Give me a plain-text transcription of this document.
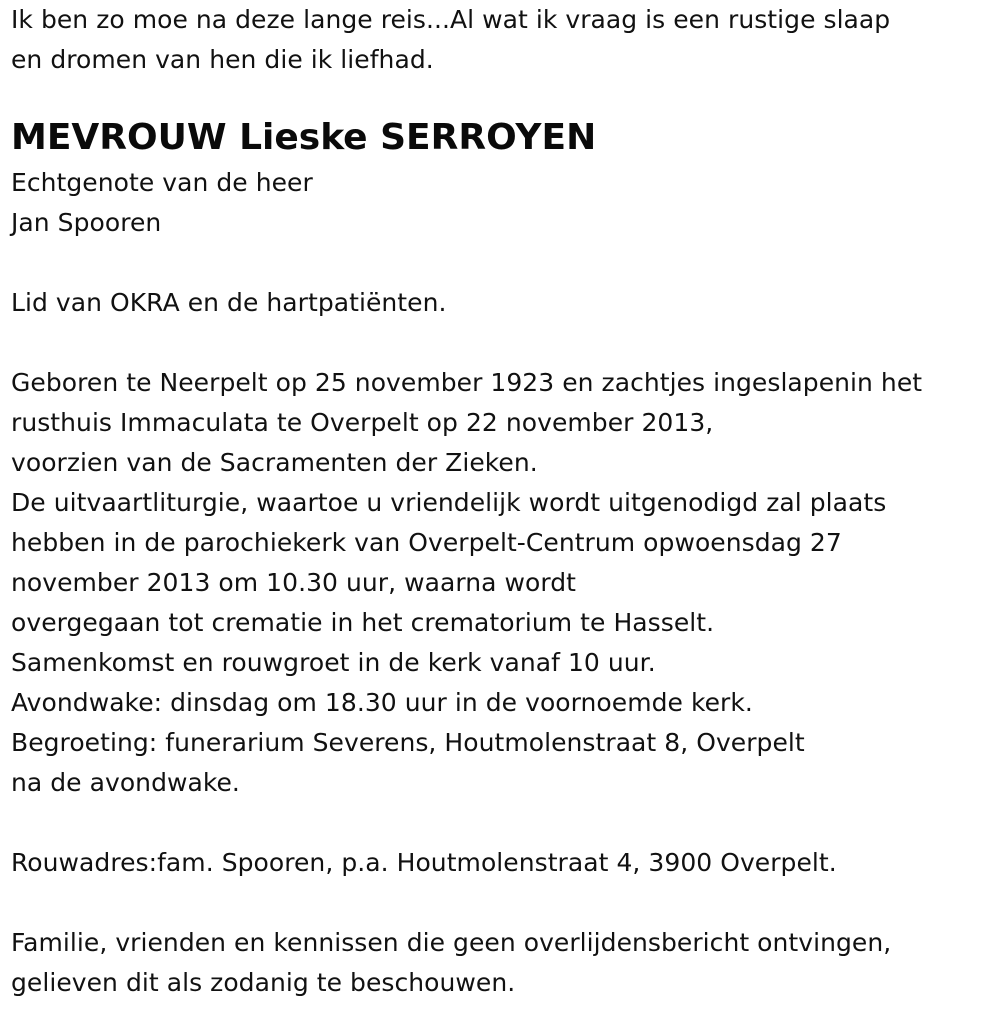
Ik ben zo moe na deze lange reis...Al wat ik vraag is een rustige slaap
en dromen van hen die ik liefhad.
MEVROUW Lieske SERROYEN
Echtgenote van de heer
Jan Spooren
Lid van OKRA en de hartpatiënten.
Geboren te Neerpelt op 25 november 1923 en zachtjes ingeslapenin het
rusthuis Immaculata te Overpelt op 22 november 2013,
voorzien van de Sacramenten der Zieken.
De uitvaartliturgie, waartoe u vriendelijk wordt uitgenodigd zal plaats
hebben in de parochiekerk van Overpelt-Centrum opwoensdag 27
november 2013 om 10.30 uur, waarna wordt
overgegaan tot crematie in het crematorium te Hasselt.
Samenkomst en rouwgroet in de kerk vanaf 10 uur.
Avondwake: dinsdag om 18.30 uur in de voornoemde kerk.
Begroeting: funerarium Severens, Houtmolenstraat 8, Overpelt
na de avondwake.
Rouwadres:fam. Spooren, p.a. Houtmolenstraat 4, 3900 Overpelt.
Familie, vrienden en kennissen die geen overlijdensbericht ontvingen,
gelieven dit als zodanig te beschouwen.
